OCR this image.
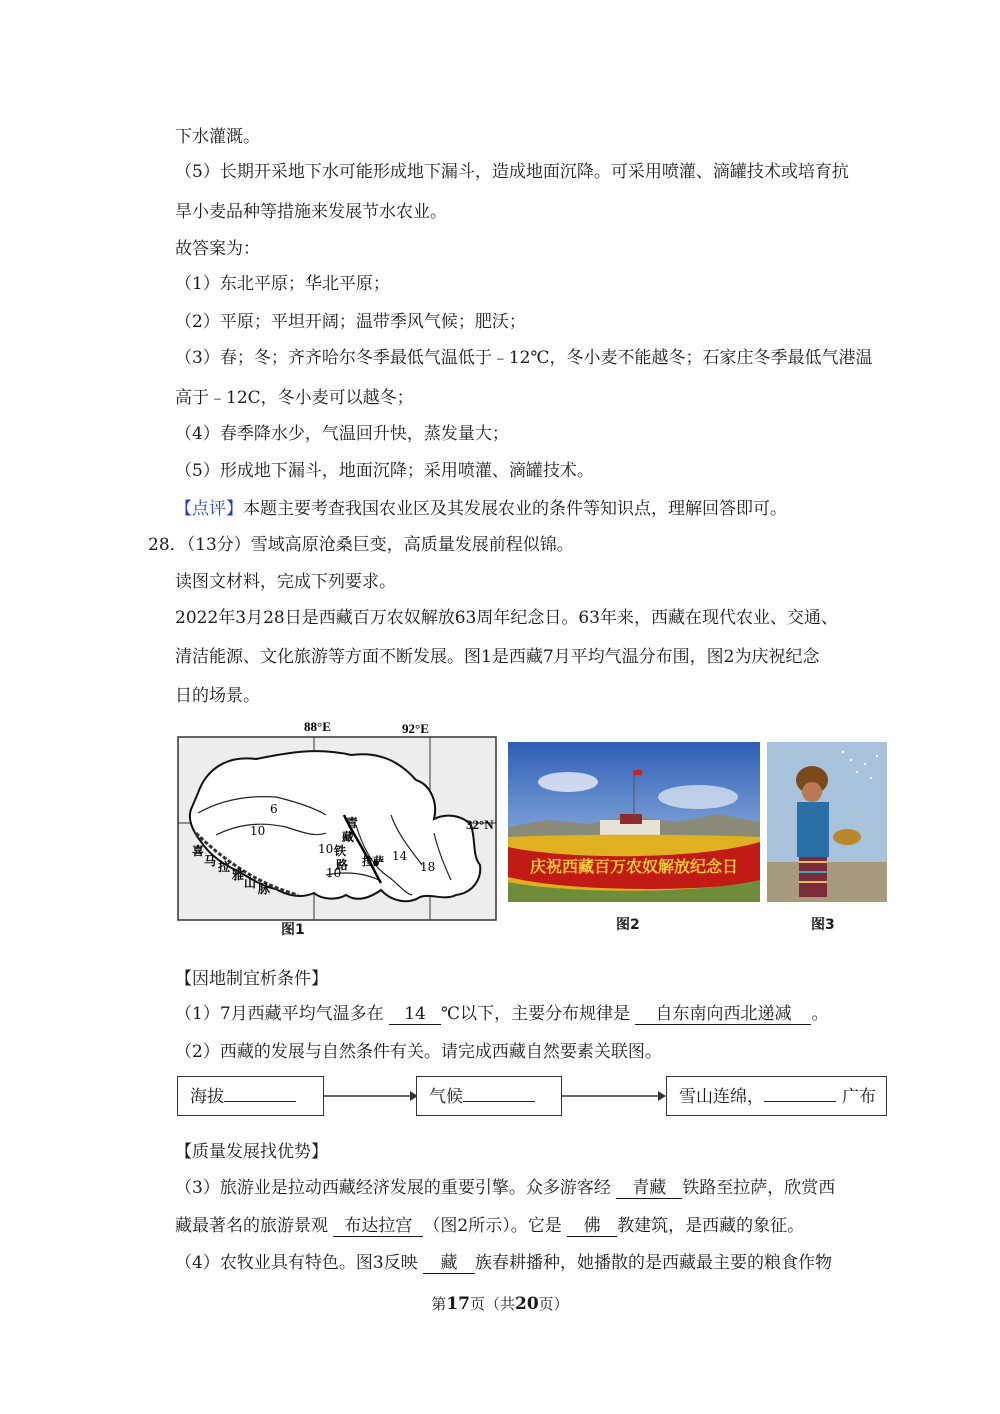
下水灌溉。
（5）长期开采地下水可能形成地下漏斗，造成地面沉降。可采用喷灌、滴罐技术或培育抗
旱小麦品种等措施来发展节水农业。
故答案为：
（1）东北平原；华北平原；
（2）平原；平坦开阔；温带季风气候；肥沃；
（3）春；冬；齐齐哈尔冬季最低气温低于﹣12℃，冬小麦不能越冬；石家庄冬季最低气港温
高于﹣12C，冬小麦可以越冬；
（4）春季降水少，气温回升快，蒸发量大；
（5）形成地下漏斗，地面沉降；采用喷灌、滴罐技术。
【点评】本题主要考查我国农业区及其发展农业的条件等知识点，理解回答即可。
28．（13分）雪域高原沧桑巨变，高质量发展前程似锦。
读图文材料，完成下列要求。
2022年3月28日是西藏百万农奴解放63周年纪念日。63年来，西藏在现代农业、交通、
清洁能源、文化旅游等方面不断发展。图1是西藏7月平均气温分布围，图2为庆祝纪念
日的场景。
88°E	92°E
32°N
6
10
10
10
14
18
青
藏
铁
路 拉萨
喜
马 拉
雅
山 脉
图1
庆祝西藏百万农奴解放纪念日
图2	图3
【因地制宜析条件】
（1）7月西藏平均气温多在 14 ℃以下，主要分布规律是 自东南向西北递减 。
（2）西藏的发展与自然条件有关。请完成西藏自然要素关联图。
海拔	气候	雪山连绵，	广布
【质量发展找优势】
（3）旅游业是拉动西藏经济发展的重要引擎。众多游客经 青藏 铁路至拉萨，欣赏西
藏最著名的旅游景观 布达拉宫 （图2所示）。它是 佛 教建筑，是西藏的象征。
（4）农牧业具有特色。图3反映 藏 族春耕播种，她播散的是西藏最主要的粮食作物
第17页（共20页）
